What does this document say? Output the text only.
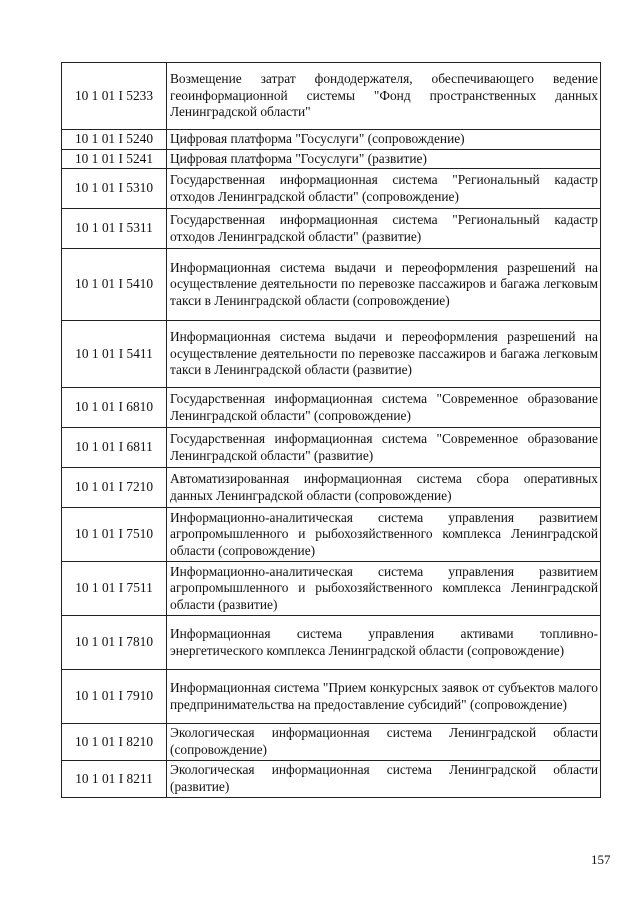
10 1 01 I 5233	Возмещение затрат фондодержателя, обеспечивающего ведение геоинформационной системы "Фонд пространственных данных Ленинградской области"
10 1 01 I 5240	Цифровая платформа "Госуслуги" (сопровождение)
10 1 01 I 5241	Цифровая платформа "Госуслуги" (развитие)
10 1 01 I 5310	Государственная информационная система "Региональный кадастр отходов Ленинградской области" (сопровождение)
10 1 01 I 5311	Государственная информационная система "Региональный кадастр отходов Ленинградской области" (развитие)
10 1 01 I 5410	Информационная система выдачи и переоформления разрешений на осуществление деятельности по перевозке пассажиров и багажа легковым такси в Ленинградской области (сопровождение)
10 1 01 I 5411	Информационная система выдачи и переоформления разрешений на осуществление деятельности по перевозке пассажиров и багажа легковым такси в Ленинградской области (развитие)
10 1 01 I 6810	Государственная информационная система "Современное образование Ленинградской области" (сопровождение)
10 1 01 I 6811	Государственная информационная система "Современное образование Ленинградской области" (развитие)
10 1 01 I 7210	Автоматизированная информационная система сбора оперативных данных Ленинградской области (сопровождение)
10 1 01 I 7510	Информационно-аналитическая система управления развитием агропромышленного и рыбохозяйственного комплекса Ленинградской области (сопровождение)
10 1 01 I 7511	Информационно-аналитическая система управления развитием агропромышленного и рыбохозяйственного комплекса Ленинградской области (развитие)
10 1 01 I 7810	Информационная система управления активами топливно-энергетического комплекса Ленинградской области (сопровождение)
10 1 01 I 7910	Информационная система "Прием конкурсных заявок от субъектов малого предпринимательства на предоставление субсидий" (сопровождение)
10 1 01 I 8210	Экологическая информационная система Ленинградской области (сопровождение)
10 1 01 I 8211	Экологическая информационная система Ленинградской области (развитие)
157
